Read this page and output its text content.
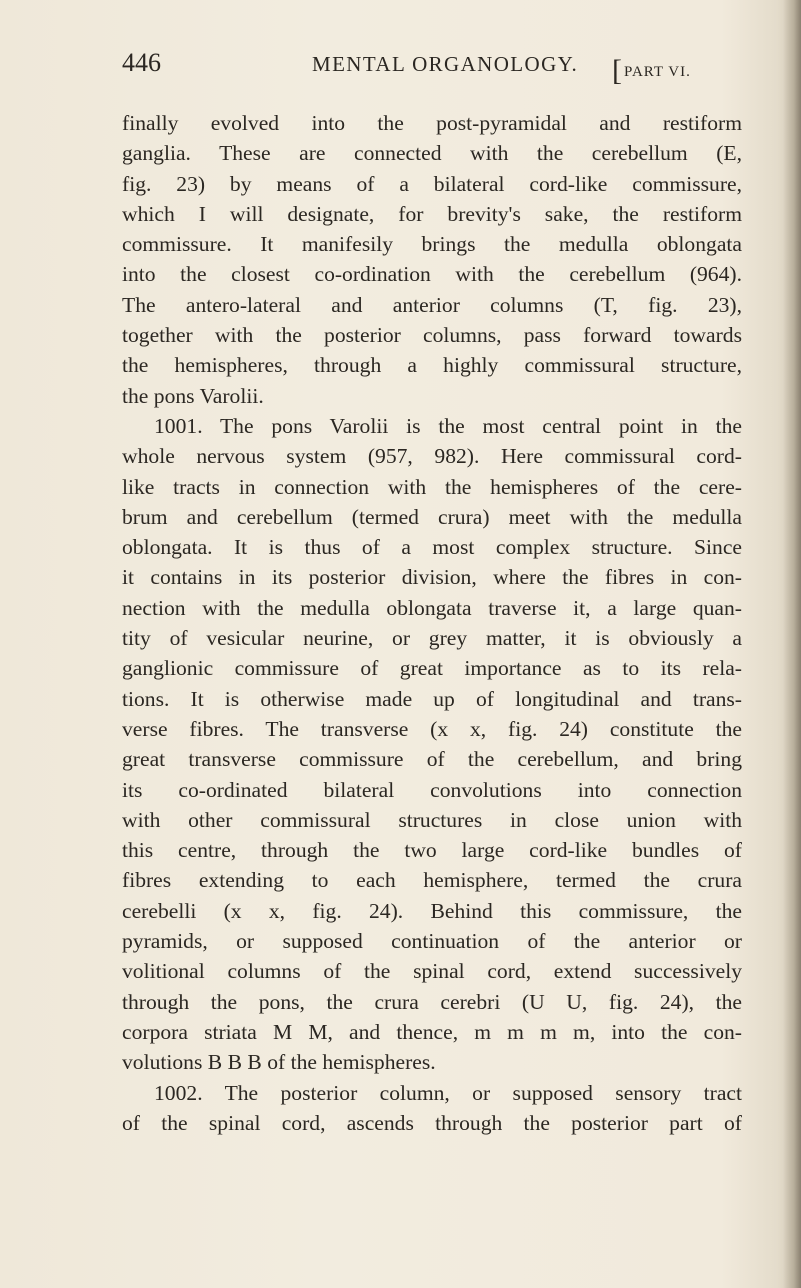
446	MENTAL ORGANOLOGY. [ PART VI.
finally evolved into the post-pyramidal and restiform
ganglia. These are connected with the cerebellum (E,
fig. 23) by means of a bilateral cord-like commissure,
which I will designate, for brevity's sake, the restiform
commissure. It manifesily brings the medulla oblongata
into the closest co-ordination with the cerebellum (964).
The antero-lateral and anterior columns (T, fig. 23),
together with the posterior columns, pass forward towards
the hemispheres, through a highly commissural structure,
the pons Varolii.
1001. The pons Varolii is the most central point in the
whole nervous system (957, 982). Here commissural cord-
like tracts in connection with the hemispheres of the cere-
brum and cerebellum (termed crura) meet with the medulla
oblongata. It is thus of a most complex structure. Since
it contains in its posterior division, where the fibres in con-
nection with the medulla oblongata traverse it, a large quan-
tity of vesicular neurine, or grey matter, it is obviously a
ganglionic commissure of great importance as to its rela-
tions. It is otherwise made up of longitudinal and trans-
verse fibres. The transverse (x x, fig. 24) constitute the
great transverse commissure of the cerebellum, and bring
its co-ordinated bilateral convolutions into connection
with other commissural structures in close union with
this centre, through the two large cord-like bundles of
fibres extending to each hemisphere, termed the crura
cerebelli (x x, fig. 24). Behind this commissure, the
pyramids, or supposed continuation of the anterior or
volitional columns of the spinal cord, extend successively
through the pons, the crura cerebri (U U, fig. 24), the
corpora striata M M, and thence, m m m m, into the con-
volutions B B B of the hemispheres.
1002. The posterior column, or supposed sensory tract
of the spinal cord, ascends through the posterior part of
